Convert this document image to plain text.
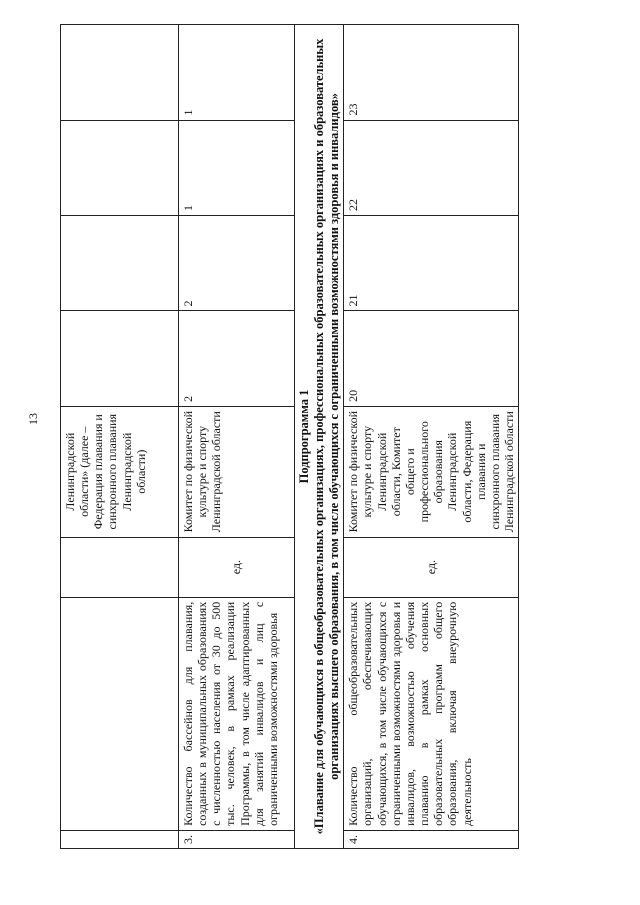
13
			Ленинградской области» (далее – Федерация плавания и синхронного плавания Ленинградской области)				
3.	Количество бассейнов для плавания, созданных в муниципальных образованиях с численностью населения от 30 до 500 тыс. человек, в рамках реализации Программы, в том числе адаптированных для занятий инвалидов и лиц с ограниченными возможностями здоровья	ед.	Комитет по физической культуре и спорту Ленинградской области	2	2	1	1

Подпрограмма 1 «Плавание для обучающихся в общеобразовательных организациях, профессиональных образовательных организациях и образовательных организациях высшего образования, в том числе обучающихся с ограниченными возможностями здоровья и инвалидов»							

4.	Количество общеобразовательных организаций, обеспечивающих обучающихся, в том числе обучающихся с ограниченными возможностями здоровья и инвалидов, возможностью обучения плаванию в рамках основных образовательных программ общего образования, включая внеурочную деятельность	ед.	Комитет по физической культуре и спорту Ленинградской области, Комитет общего и профессионального образования Ленинградской области, Федерация плавания и синхронного плавания Ленинградской области	20	21	22	23
